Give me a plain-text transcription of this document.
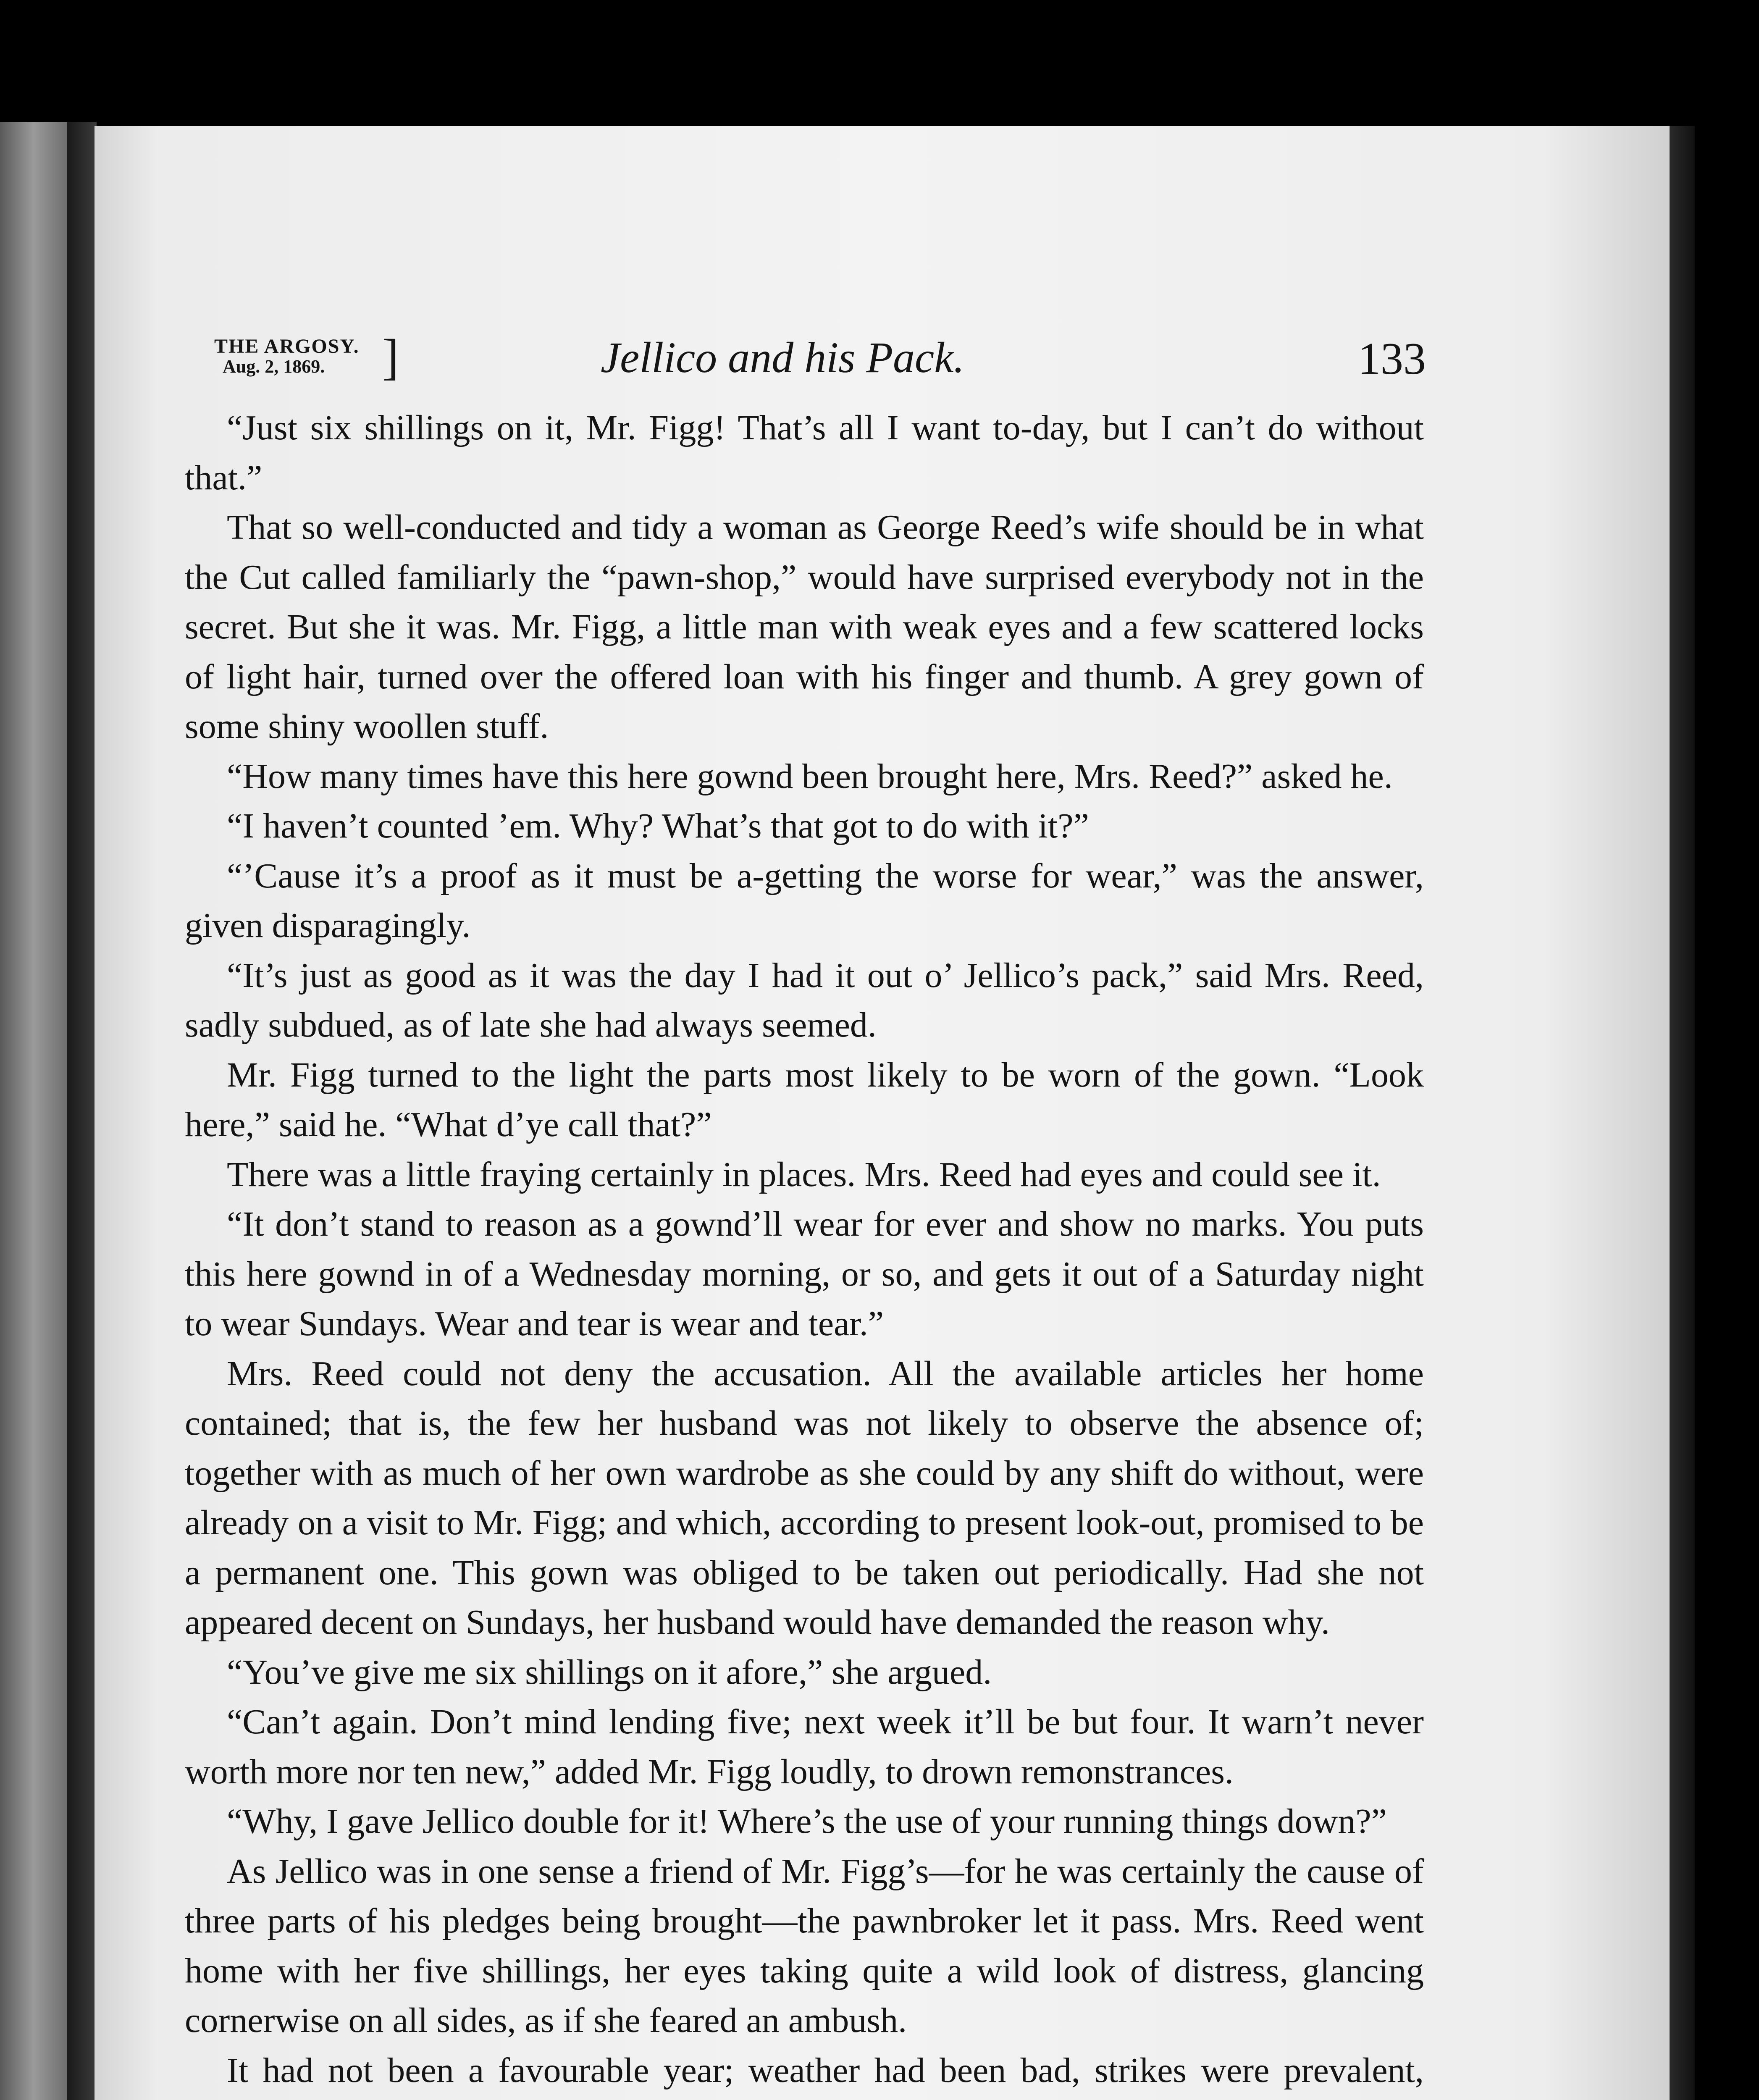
THE ARGOSY.
Aug. 2, 1869.	]	Jellico and his Pack.	133

“Just six shillings on it, Mr. Figg! That’s all I want to-day, but I can’t do without that.”

That so well-conducted and tidy a woman as George Reed’s wife should be in what the Cut called familiarly the “pawn-shop,” would have surprised everybody not in the secret. But she it was. Mr. Figg, a little man with weak eyes and a few scattered locks of light hair, turned over the offered loan with his finger and thumb. A grey gown of some shiny woollen stuff.

“How many times have this here gownd been brought here, Mrs. Reed?” asked he.

“I haven’t counted ’em. Why? What’s that got to do with it?”

“’Cause it’s a proof as it must be a-getting the worse for wear,” was the answer, given disparagingly.

“It’s just as good as it was the day I had it out o’ Jellico’s pack,” said Mrs. Reed, sadly subdued, as of late she had always seemed.

Mr. Figg turned to the light the parts most likely to be worn of the gown. “Look here,” said he. “What d’ye call that?”

There was a little fraying certainly in places. Mrs. Reed had eyes and could see it.

“It don’t stand to reason as a gownd’ll wear for ever and show no marks. You puts this here gownd in of a Wednesday morning, or so, and gets it out of a Saturday night to wear Sundays. Wear and tear is wear and tear.”

Mrs. Reed could not deny the accusation. All the available articles her home contained; that is, the few her husband was not likely to observe the absence of; together with as much of her own wardrobe as she could by any shift do without, were already on a visit to Mr. Figg; and which, according to present look-out, promised to be a permanent one. This gown was obliged to be taken out periodically. Had she not appeared decent on Sundays, her husband would have demanded the reason why.

“You’ve give me six shillings on it afore,” she argued.

“Can’t again. Don’t mind lending five; next week it’ll be but four. It warn’t never worth more nor ten new,” added Mr. Figg loudly, to drown remonstrances.

“Why, I gave Jellico double for it! Where’s the use of your running things down?”

As Jellico was in one sense a friend of Mr. Figg’s—for he was certainly the cause of three parts of his pledges being brought—the pawnbroker let it pass. Mrs. Reed went home with her five shillings, her eyes taking quite a wild look of distress, glancing cornerwise on all sides, as if she feared an ambush.

It had not been a favourable year; weather had been bad, strikes were prevalent,
